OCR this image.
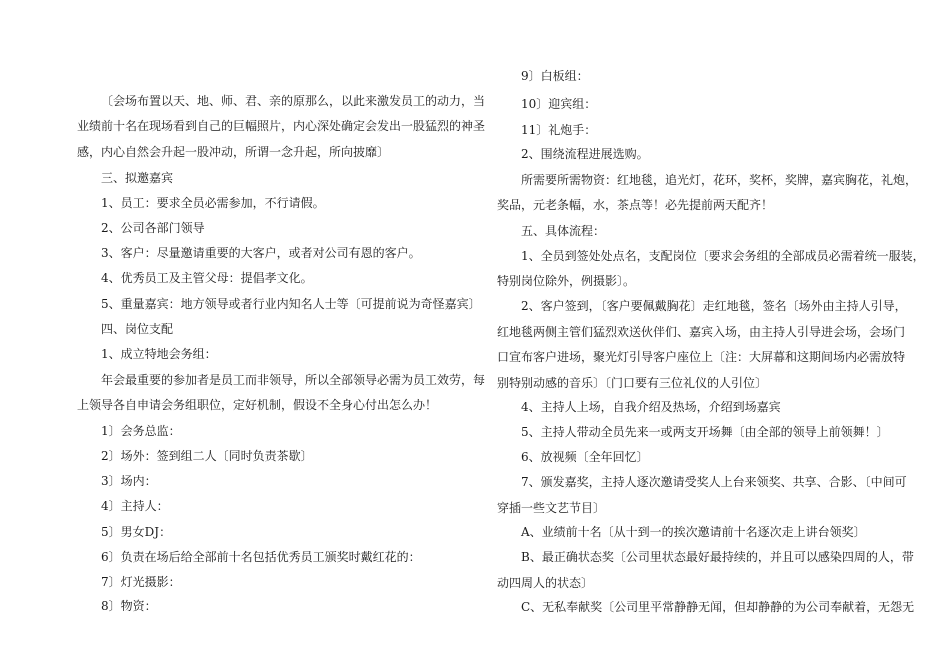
〔会场布置以天、地、师、君、亲的原那么，以此来激发员工的动力，当
业绩前十名在现场看到自己的巨幅照片，内心深处确定会发出一股猛烈的神圣
感，内心自然会升起一股冲动，所谓一念升起，所向披靡〕
三、拟邀嘉宾
1、员工：要求全员必需参加，不行请假。
2、公司各部门领导
3、客户：尽量邀请重要的大客户，或者对公司有恩的客户。
4、优秀员工及主管父母：提倡孝文化。
5、重量嘉宾：地方领导或者行业内知名人士等〔可提前说为奇怪嘉宾〕
四、岗位支配
1、成立特地会务组：
年会最重要的参加者是员工而非领导，所以全部领导必需为员工效劳，每
上领导各自申请会务组职位，定好机制，假设不全身心付出怎么办！
1〕会务总监：
2〕场外：签到组二人〔同时负责茶歇〕
3〕场内：
4〕主持人：
5〕男女DJ：
6〕负责在场后给全部前十名包括优秀员工颁奖时戴红花的：
7〕灯光摄影：
8〕物资：
9〕白板组：
10〕迎宾组：
11〕礼炮手：
2、围绕流程进展选购。
所需要所需物资：红地毯，追光灯，花环，奖杯，奖牌，嘉宾胸花，礼炮，
奖品，元老条幅，水，茶点等！必先提前两天配齐！
五、具体流程：
1、全员到签处处点名，支配岗位〔要求会务组的全部成员必需着统一服装，
特别岗位除外，例摄影〕。
2、客户签到，〔客户要佩戴胸花〕走红地毯，签名〔场外由主持人引导，
红地毯两侧主管们猛烈欢送伙伴们、嘉宾入场，由主持人引导进会场，会场门
口宣布客户进场，聚光灯引导客户座位上〔注：大屏幕和这期间场内必需放特
别特别动感的音乐〕〔门口要有三位礼仪的人引位〕
4、主持人上场，自我介绍及热场，介绍到场嘉宾
5、主持人带动全员先来一或两支开场舞〔由全部的领导上前领舞！〕
6、放视频〔全年回忆〕
7、颁发嘉奖，主持人逐次邀请受奖人上台来领奖、共享、合影、〔中间可
穿插一些文艺节目〕
A、业绩前十名〔从十到一的挨次邀请前十名逐次走上讲台领奖〕
B、最正确状态奖〔公司里状态最好最持续的，并且可以感染四周的人，带
动四周人的状态〕
C、无私奉献奖〔公司里平常静静无闻，但却静静的为公司奉献着，无怨无
